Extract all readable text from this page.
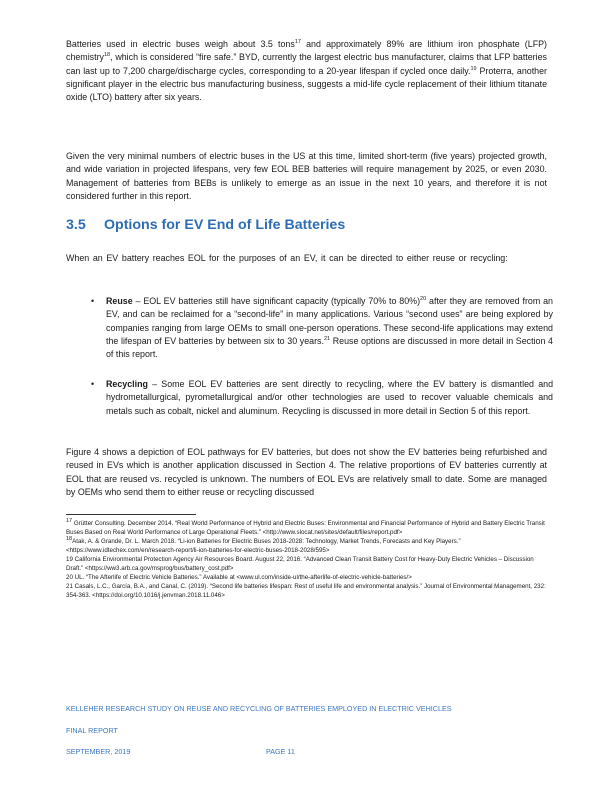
Batteries used in electric buses weigh about 3.5 tons$^{17}$ and approximately 89% are lithium iron phosphate (LFP) chemistry$^{18}$, which is considered “fire safe.” BYD, currently the largest electric bus manufacturer, claims that LFP batteries can last up to 7,200 charge/discharge cycles, corresponding to a 20-year lifespan if cycled once daily.$^{19}$ Proterra, another significant player in the electric bus manufacturing business, suggests a mid-life cycle replacement of their lithium titanate oxide (LTO) battery after six years.

Given the very minimal numbers of electric buses in the US at this time, limited short-term (five years) projected growth, and wide variation in projected lifespans, very few EOL BEB batteries will require management by 2025, or even 2030. Management of batteries from BEBs is unlikely to emerge as an issue in the next 10 years, and therefore it is not considered further in this report.

3.5 Options for EV End of Life Batteries

When an EV battery reaches EOL for the purposes of an EV, it can be directed to either reuse or recycling:

• Reuse – EOL EV batteries still have significant capacity (typically 70% to 80%)$^{20}$ after they are removed from an EV, and can be reclaimed for a “second-life” in many applications. Various “second uses” are being explored by companies ranging from large OEMs to small one-person operations. These second-life applications may extend the lifespan of EV batteries by between six to 30 years.$^{21}$ Reuse options are discussed in more detail in Section 4 of this report.
• Recycling – Some EOL EV batteries are sent directly to recycling, where the EV battery is dismantled and hydrometallurgical, pyrometallurgical and/or other technologies are used to recover valuable chemicals and metals such as cobalt, nickel and aluminum. Recycling is discussed in more detail in Section 5 of this report.

Figure 4 shows a depiction of EOL pathways for EV batteries, but does not show the EV batteries being refurbished and reused in EVs which is another application discussed in Section 4. The relative proportions of EV batteries currently at EOL that are reused vs. recycled is unknown. The numbers of EOL EVs are relatively small to date. Some are managed by OEMs who send them to either reuse or recycling discussed

$^{17}$ Grütter Consulting. December 2014. “Real World Performance of Hybrid and Electric Buses: Environmental and Financial Performance of Hybrid and Battery Electric Transit Buses Based on Real World Performance of Large Operational Fleets.” <http://www.slocat.net/sites/default/files/report.pdf>

$^{18}$Atak, A. & Grande, Dr. L. March 2018. “Li-ion Batteries for Electric Buses 2018-2028: Technology, Market Trends, Forecasts and Key Players.” <https://www.idtechex.com/en/research-report/li-ion-batteries-for-electric-buses-2018-2028/595>

19 California Environmental Protection Agency Air Resources Board. August 22, 2016. “Advanced Clean Transit Battery Cost for Heavy-Duty Electric Vehicles – Discussion Draft.” <https://ww3.arb.ca.gov/msprog/bus/battery_cost.pdf>

20 UL. “The Afterlife of Electric Vehicle Batteries.” Available at <www.ul.com/inside-ul/the-afterlife-of-electric-vehicle-batteries/>

21 Casals, L.C., García, B.A., and Canal, C. (2019). “Second life batteries lifespan: Rest of useful life and environmental analysis.” Journal of Environmental Management, 232: 354-363. <https://doi.org/10.1016/j.jenvman.2018.11.046>

KELLEHER RESEARCH STUDY ON REUSE AND RECYCLING OF BATTERIES EMPLOYED IN ELECTRIC VEHICLES

FINAL REPORT

SEPTEMBER, 2019	PAGE 11
